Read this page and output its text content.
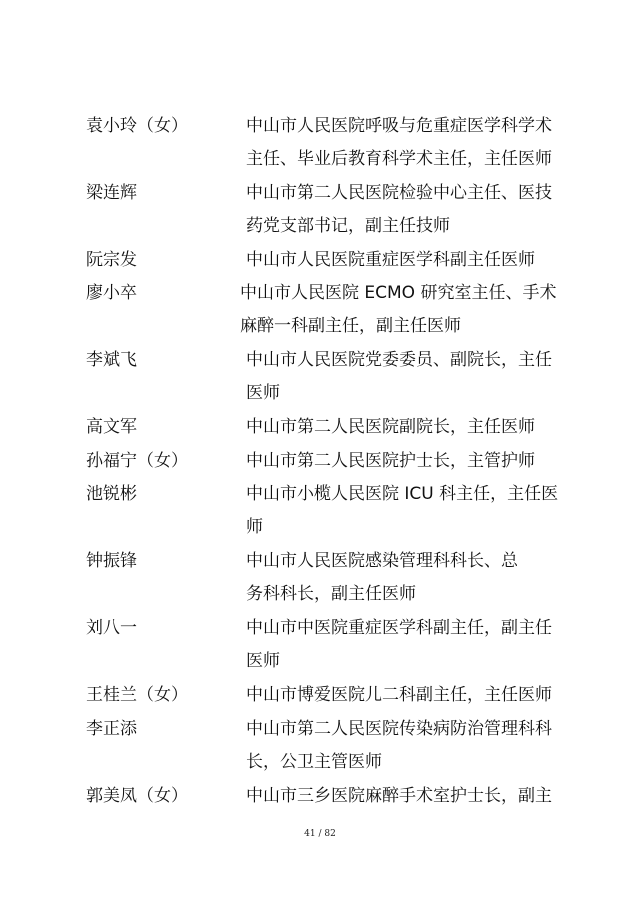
袁小玲（女）	中山市人民医院呼吸与危重症医学科学术
主任、毕业后教育科学术主任，主任医师
梁连辉	中山市第二人民医院检验中心主任、医技
药党支部书记，副主任技师
阮宗发	中山市人民医院重症医学科副主任医师
廖小卒	中山市人民医院 ECMO 研究室主任、手术
麻醉一科副主任，副主任医师
李斌飞	中山市人民医院党委委员、副院长，主任
医师
高文军	中山市第二人民医院副院长，主任医师
孙福宁（女）	中山市第二人民医院护士长，主管护师
池锐彬	中山市小榄人民医院 ICU 科主任，主任医
师
钟振锋	中山市人民医院感染管理科科长、总
务科科长，副主任医师
刘八一	中山市中医院重症医学科副主任，副主任
医师
王桂兰（女）	中山市博爱医院儿二科副主任，主任医师
李正添	中山市第二人民医院传染病防治管理科科
长，公卫主管医师
郭美凤（女）	中山市三乡医院麻醉手术室护士长，副主
41 / 82
